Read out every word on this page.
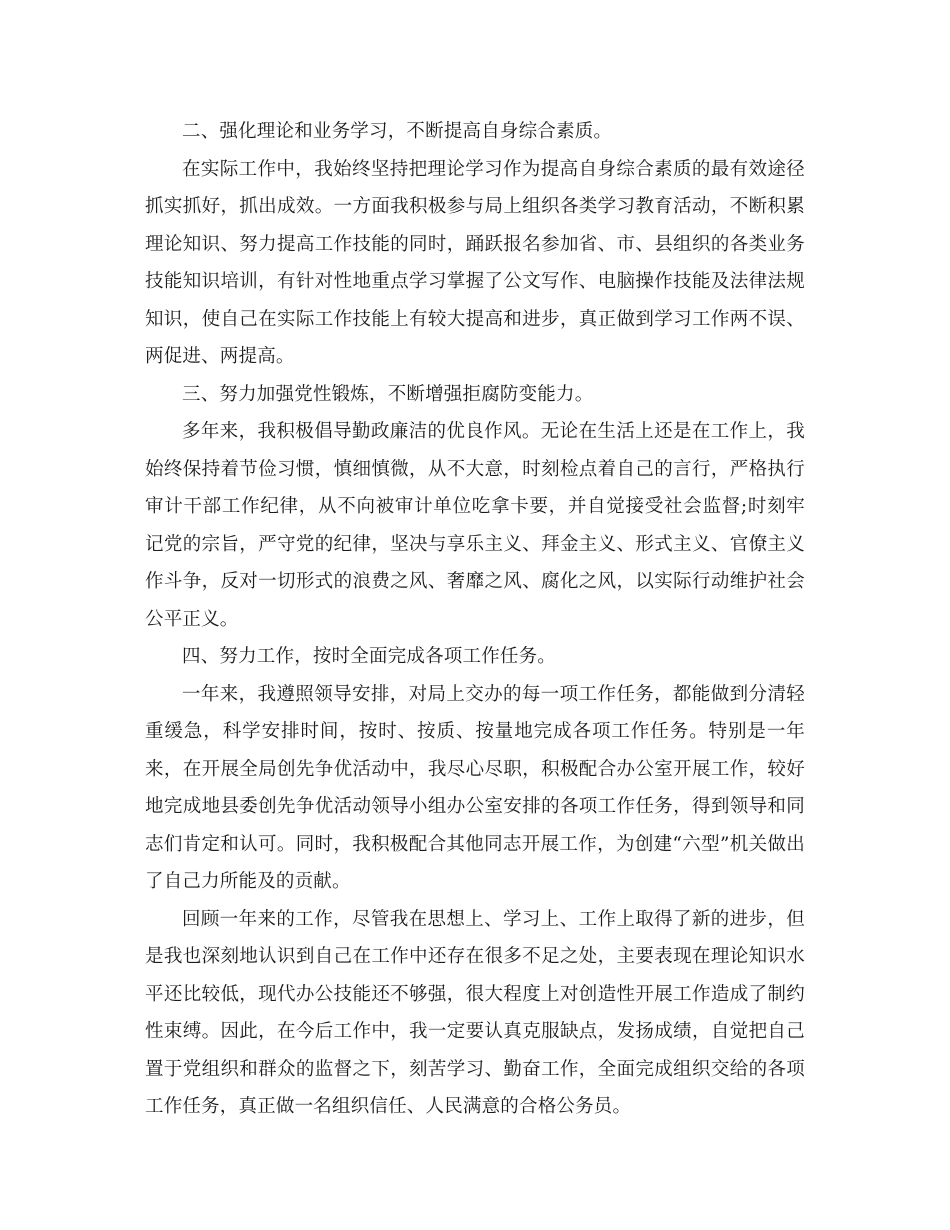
二、强化理论和业务学习，不断提高自身综合素质。

在实际工作中，我始终坚持把理论学习作为提高自身综合素质的最有效途径抓实抓好，抓出成效。一方面我积极参与局上组织各类学习教育活动，不断积累理论知识、努力提高工作技能的同时，踊跃报名参加省、市、县组织的各类业务技能知识培训，有针对性地重点学习掌握了公文写作、电脑操作技能及法律法规知识，使自己在实际工作技能上有较大提高和进步，真正做到学习工作两不误、两促进、两提高。

三、努力加强党性锻炼，不断增强拒腐防变能力。

多年来，我积极倡导勤政廉洁的优良作风。无论在生活上还是在工作上，我始终保持着节俭习惯，慎细慎微，从不大意，时刻检点着自己的言行，严格执行审计干部工作纪律，从不向被审计单位吃拿卡要，并自觉接受社会监督;时刻牢记党的宗旨，严守党的纪律，坚决与享乐主义、拜金主义、形式主义、官僚主义作斗争，反对一切形式的浪费之风、奢靡之风、腐化之风，以实际行动维护社会公平正义。

四、努力工作，按时全面完成各项工作任务。

一年来，我遵照领导安排，对局上交办的每一项工作任务，都能做到分清轻重缓急，科学安排时间，按时、按质、按量地完成各项工作任务。特别是一年来，在开展全局创先争优活动中，我尽心尽职，积极配合办公室开展工作，较好地完成地县委创先争优活动领导小组办公室安排的各项工作任务，得到领导和同志们肯定和认可。同时，我积极配合其他同志开展工作，为创建“六型”机关做出了自己力所能及的贡献。

回顾一年来的工作，尽管我在思想上、学习上、工作上取得了新的进步，但是我也深刻地认识到自己在工作中还存在很多不足之处，主要表现在理论知识水平还比较低，现代办公技能还不够强，很大程度上对创造性开展工作造成了制约性束缚。因此，在今后工作中，我一定要认真克服缺点，发扬成绩，自觉把自己置于党组织和群众的监督之下，刻苦学习、勤奋工作，全面完成组织交给的各项工作任务，真正做一名组织信任、人民满意的合格公务员。
